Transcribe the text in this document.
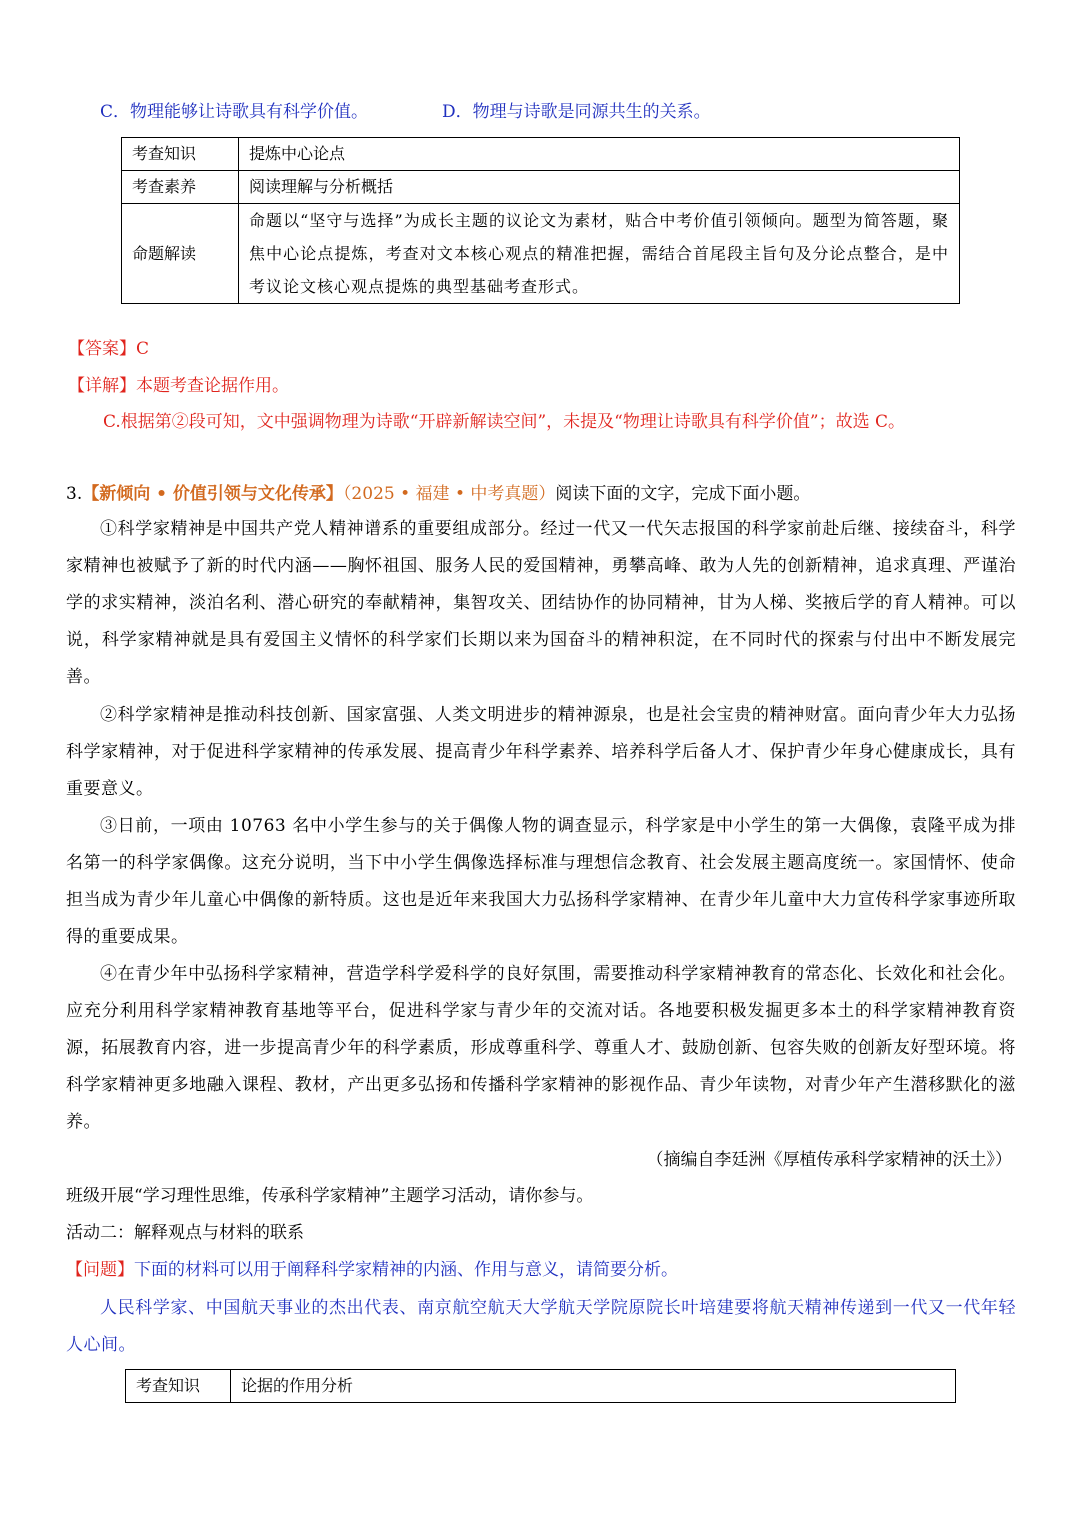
C．物理能够让诗歌具有科学价值。	D．物理与诗歌是同源共生的关系。
考查知识	提炼中心论点
考查素养	阅读理解与分析概括
命题解读	命题以“坚守与选择”为成长主题的议论文为素材，贴合中考价值引领倾向。题型为简答题，聚焦中心论点提炼，考查对文本核心观点的精准把握，需结合首尾段主旨句及分论点整合，是中考议论文核心观点提炼的典型基础考查形式。
【答案】C
【详解】本题考查论据作用。
C.根据第②段可知，文中强调物理为诗歌“开辟新解读空间”，未提及“物理让诗歌具有科学价值”；故选 C。
3.【新倾向 • 价值引领与文化传承】（2025 • 福建 • 中考真题）阅读下面的文字，完成下面小题。

①科学家精神是中国共产党人精神谱系的重要组成部分。经过一代又一代矢志报国的科学家前赴后继、接续奋斗，科学家精神也被赋予了新的时代内涵——胸怀祖国、服务人民的爱国精神，勇攀高峰、敢为人先的创新精神，追求真理、严谨治学的求实精神，淡泊名利、潜心研究的奉献精神，集智攻关、团结协作的协同精神，甘为人梯、奖掖后学的育人精神。可以说，科学家精神就是具有爱国主义情怀的科学家们长期以来为国奋斗的精神积淀，在不同时代的探索与付出中不断发展完善。

②科学家精神是推动科技创新、国家富强、人类文明进步的精神源泉，也是社会宝贵的精神财富。面向青少年大力弘扬科学家精神，对于促进科学家精神的传承发展、提高青少年科学素养、培养科学后备人才、保护青少年身心健康成长，具有重要意义。

③日前，一项由 10763 名中小学生参与的关于偶像人物的调查显示，科学家是中小学生的第一大偶像，袁隆平成为排名第一的科学家偶像。这充分说明，当下中小学生偶像选择标准与理想信念教育、社会发展主题高度统一。家国情怀、使命担当成为青少年儿童心中偶像的新特质。这也是近年来我国大力弘扬科学家精神、在青少年儿童中大力宣传科学家事迹所取得的重要成果。

④在青少年中弘扬科学家精神，营造学科学爱科学的良好氛围，需要推动科学家精神教育的常态化、长效化和社会化。应充分利用科学家精神教育基地等平台，促进科学家与青少年的交流对话。各地要积极发掘更多本土的科学家精神教育资源，拓展教育内容，进一步提高青少年的科学素质，形成尊重科学、尊重人才、鼓励创新、包容失败的创新友好型环境。将科学家精神更多地融入课程、教材，产出更多弘扬和传播科学家精神的影视作品、青少年读物，对青少年产生潜移默化的滋养。

（摘编自李廷洲《厚植传承科学家精神的沃土》）
班级开展“学习理性思维，传承科学家精神”主题学习活动，请你参与。
活动二：解释观点与材料的联系
【问题】下面的材料可以用于阐释科学家精神的内涵、作用与意义，请简要分析。

人民科学家、中国航天事业的杰出代表、南京航空航天大学航天学院原院长叶培建要将航天精神传递到一代又一代年轻人心间。

考查知识	论据的作用分析
